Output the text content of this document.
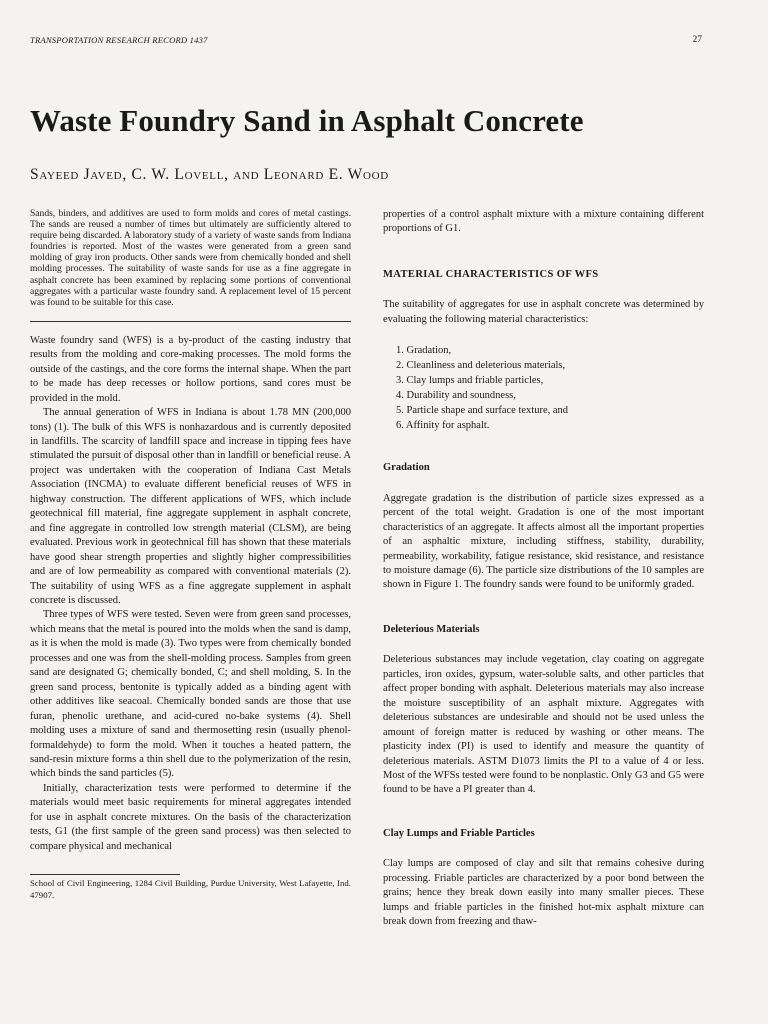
TRANSPORTATION RESEARCH RECORD 1437	27
Waste Foundry Sand in Asphalt Concrete
Sayeed Javed, C. W. Lovell, and Leonard E. Wood

Sands, binders, and additives are used to form molds and cores of metal castings. The sands are reused a number of times but ultimately are sufficiently altered to require being discarded. A laboratory study of a variety of waste sands from Indiana foundries is reported. Most of the wastes were generated from a green sand molding of gray iron products. Other sands were from chemically bonded and shell molding processes. The suitability of waste sands for use as a fine aggregate in asphalt concrete has been examined by replacing some portions of conventional aggregates with a particular waste foundry sand. A replacement level of 15 percent was found to be suitable for this case.

Waste foundry sand (WFS) is a by-product of the casting industry that results from the molding and core-making processes. The mold forms the outside of the castings, and the core forms the internal shape. When the part to be made has deep recesses or hollow portions, sand cores must be provided in the mold.

The annual generation of WFS in Indiana is about 1.78 MN (200,000 tons) (1). The bulk of this WFS is nonhazardous and is currently deposited in landfills. The scarcity of landfill space and increase in tipping fees have stimulated the pursuit of disposal other than in landfill or beneficial reuse. A project was undertaken with the cooperation of Indiana Cast Metals Association (INCMA) to evaluate different beneficial reuses of WFS in highway construction. The different applications of WFS, which include geotechnical fill material, fine aggregate supplement in asphalt concrete, and fine aggregate in controlled low strength material (CLSM), are being evaluated. Previous work in geotechnical fill has shown that these materials have good shear strength properties and slightly higher compressibilities and are of low permeability as compared with conventional materials (2). The suitability of using WFS as a fine aggregate supplement in asphalt concrete is discussed.

Three types of WFS were tested. Seven were from green sand processes, which means that the metal is poured into the molds when the sand is damp, as it is when the mold is made (3). Two types were from chemically bonded processes and one was from the shell-molding process. Samples from green sand are designated G; chemically bonded, C; and shell molding, S. In the green sand process, bentonite is typically added as a binding agent with other additives like seacoal. Chemically bonded sands are those that use furan, phenolic urethane, and acid-cured no-bake systems (4). Shell molding uses a mixture of sand and thermosetting resin (usually phenol-formaldehyde) to form the mold. When it touches a heated pattern, the sand-resin mixture forms a thin shell due to the polymerization of the resin, which binds the sand particles (5).

Initially, characterization tests were performed to determine if the materials would meet basic requirements for mineral aggregates intended for use in asphalt concrete mixtures. On the basis of the characterization tests, G1 (the first sample of the green sand process) was then selected to compare physical and mechanical

School of Civil Engineering, 1284 Civil Building, Purdue University, West Lafayette, Ind. 47907.

properties of a control asphalt mixture with a mixture containing different proportions of G1.

MATERIAL CHARACTERISTICS OF WFS

The suitability of aggregates for use in asphalt concrete was determined by evaluating the following material characteristics:

1. Gradation,
2. Cleanliness and deleterious materials,
3. Clay lumps and friable particles,
4. Durability and soundness,
5. Particle shape and surface texture, and
6. Affinity for asphalt.
Gradation

Aggregate gradation is the distribution of particle sizes expressed as a percent of the total weight. Gradation is one of the most important characteristics of an aggregate. It affects almost all the important properties of an asphaltic mixture, including stiffness, stability, durability, permeability, workability, fatigue resistance, skid resistance, and resistance to moisture damage (6). The particle size distributions of the 10 samples are shown in Figure 1. The foundry sands were found to be uniformly graded.

Deleterious Materials

Deleterious substances may include vegetation, clay coating on aggregate particles, iron oxides, gypsum, water-soluble salts, and other particles that affect proper bonding with asphalt. Deleterious materials may also increase the moisture susceptibility of an asphalt mixture. Aggregates with deleterious substances are undesirable and should not be used unless the amount of foreign matter is reduced by washing or other means. The plasticity index (PI) is used to identify and measure the quantity of deleterious materials. ASTM D1073 limits the PI to a value of 4 or less. Most of the WFSs tested were found to be nonplastic. Only G3 and G5 were found to be have a PI greater than 4.

Clay Lumps and Friable Particles

Clay lumps are composed of clay and silt that remains cohesive during processing. Friable particles are characterized by a poor bond between the grains; hence they break down easily into many smaller pieces. These lumps and friable particles in the finished hot-mix asphalt mixture can break down from freezing and thaw-
